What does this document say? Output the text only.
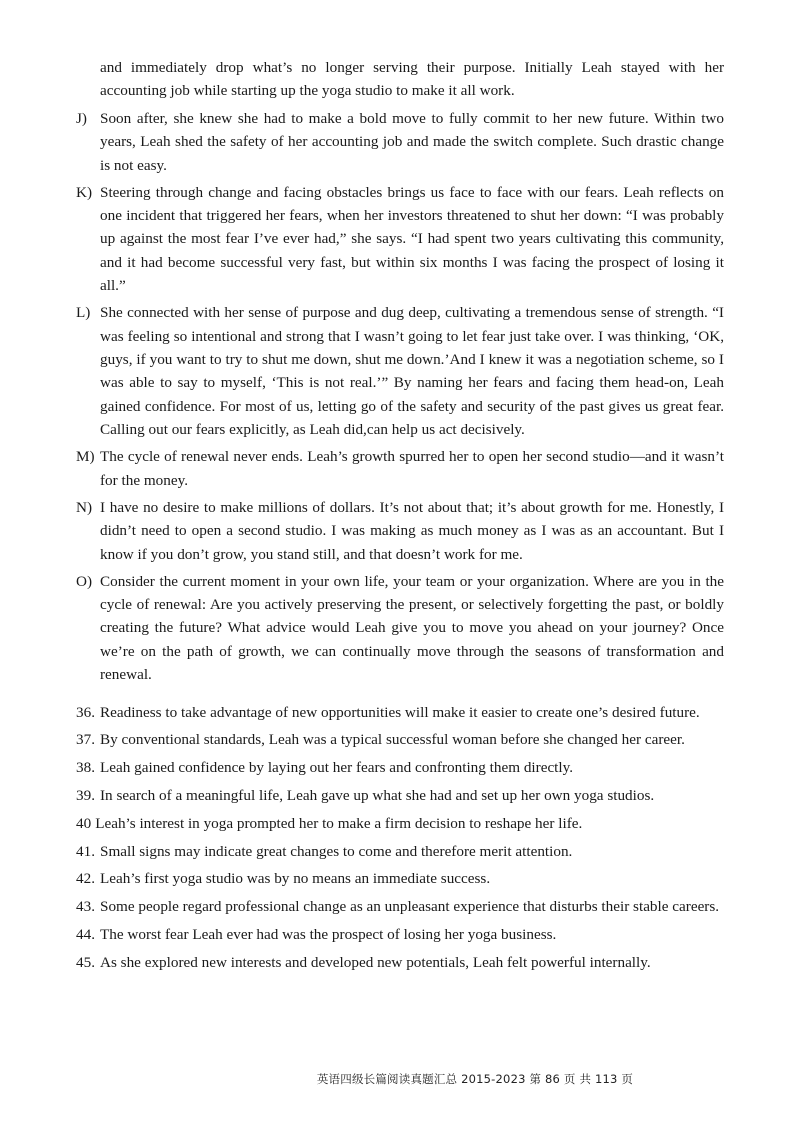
and immediately drop what’s no longer serving their purpose. Initially Leah stayed with her accounting job while starting up the yoga studio to make it all work.

J) Soon after, she knew she had to make a bold move to fully commit to her new future. Within two years, Leah shed the safety of her accounting job and made the switch complete. Such drastic change is not easy.
K) Steering through change and facing obstacles brings us face to face with our fears. Leah reflects on one incident that triggered her fears, when her investors threatened to shut her down: “I was probably up against the most fear I’ve ever had,” she says. “I had spent two years cultivating this community, and it had become successful very fast, but within six months I was facing the prospect of losing it all.”
L) She connected with her sense of purpose and dug deep, cultivating a tremendous sense of strength. “I was feeling so intentional and strong that I wasn’t going to let fear just take over. I was thinking, ‘OK, guys, if you want to try to shut me down, shut me down.’And I knew it was a negotiation scheme, so I was able to say to myself, ‘This is not real.’” By naming her fears and facing them head-on, Leah gained confidence. For most of us, letting go of the safety and security of the past gives us great fear. Calling out our fears explicitly, as Leah did,can help us act decisively.
M) The cycle of renewal never ends. Leah’s growth spurred her to open her second studio—and it wasn’t for the money.
N) I have no desire to make millions of dollars. It’s not about that; it’s about growth for me. Honestly, I didn’t need to open a second studio. I was making as much money as I was as an accountant. But I know if you don’t grow, you stand still, and that doesn’t work for me.
O) Consider the current moment in your own life, your team or your organization. Where are you in the cycle of renewal: Are you actively preserving the present, or selectively forgetting the past, or boldly creating the future? What advice would Leah give you to move you ahead on your journey? Once we’re on the path of growth, we can continually move through the seasons of transformation and renewal.

36. Readiness to take advantage of new opportunities will make it easier to create one’s desired future.

37. By conventional standards, Leah was a typical successful woman before she changed her career.

38. Leah gained confidence by laying out her fears and confronting them directly.

39. In search of a meaningful life, Leah gave up what she had and set up her own yoga studios.

40 Leah’s interest in yoga prompted her to make a firm decision to reshape her life.

41. Small signs may indicate great changes to come and therefore merit attention.

42. Leah’s first yoga studio was by no means an immediate success.

43. Some people regard professional change as an unpleasant experience that disturbs their stable careers.

44. The worst fear Leah ever had was the prospect of losing her yoga business.

45. As she explored new interests and developed new potentials, Leah felt powerful internally.

英语四级长篇阅读真题汇总 2015-2023 第 86 页 共 113 页
